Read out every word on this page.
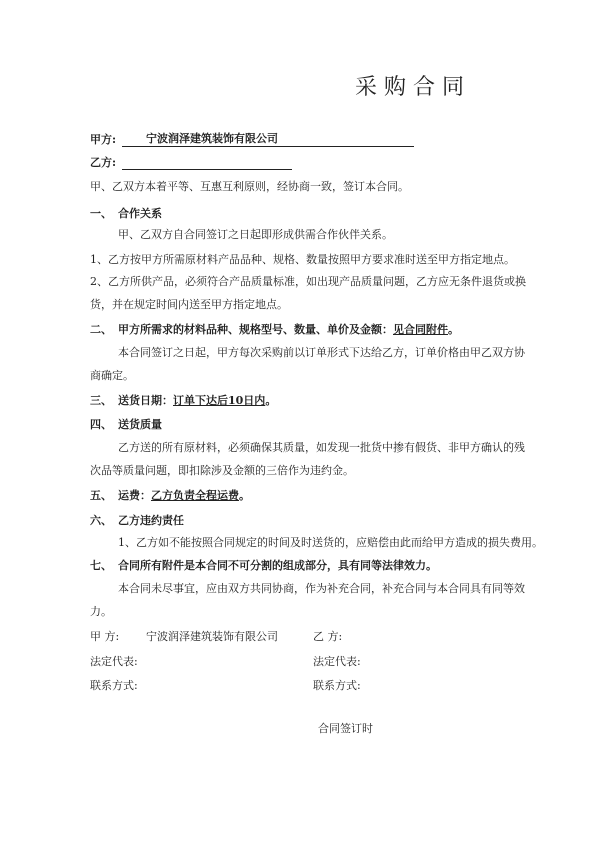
采购合同
甲方:	宁波润泽建筑装饰有限公司
乙方:
甲、乙双方本着平等、互惠互利原则，经协商一致，签订本合同。
一、 合作关系
甲、乙双方自合同签订之日起即形成供需合作伙伴关系。
1、乙方按甲方所需原材料产品品种、规格、数量按照甲方要求准时送至甲方指定地点。
2、乙方所供产品，必须符合产品质量标准，如出现产品质量问题，乙方应无条件退货或换
货，并在规定时间内送至甲方指定地点。
二、 甲方所需求的材料品种、规格型号、数量、单价及金额：见合同附件。
本合同签订之日起，甲方每次采购前以订单形式下达给乙方，订单价格由甲乙双方协
商确定。
三、 送货日期：订单下达后10日内。
四、 送货质量
乙方送的所有原材料，必须确保其质量，如发现一批货中掺有假货、非甲方确认的残
次品等质量问题，即扣除涉及金额的三倍作为违约金。
五、 运费：乙方负责全程运费。
六、 乙方违约责任
1、乙方如不能按照合同规定的时间及时送货的，应赔偿由此而给甲方造成的损失费用。
七、 合同所有附件是本合同不可分割的组成部分，具有同等法律效力。
本合同未尽事宜，应由双方共同协商，作为补充合同，补充合同与本合同具有同等效
力。
甲 方: 宁波润泽建筑装饰有限公司	乙 方:
法定代表:	法定代表:
联系方式:	联系方式:
合同签订时
